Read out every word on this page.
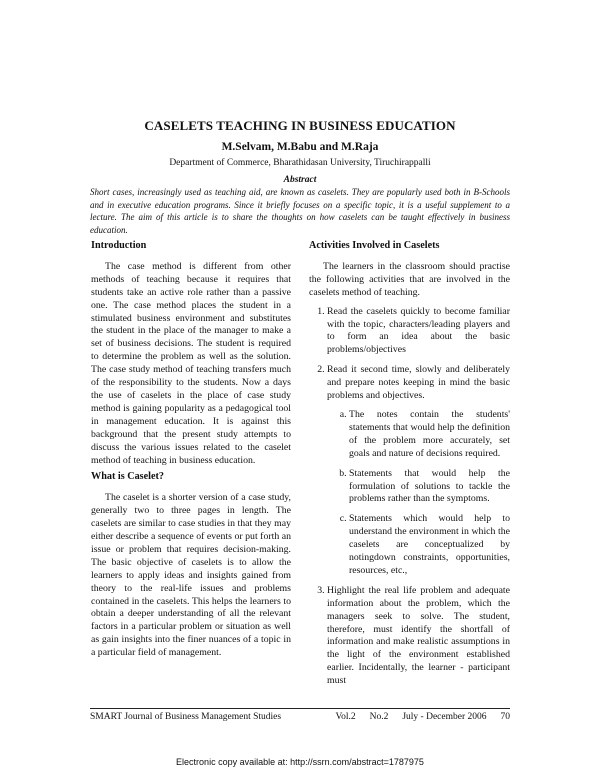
CASELETS TEACHING IN BUSINESS EDUCATION
M.Selvam, M.Babu and M.Raja
Department of Commerce, Bharathidasan University, Tiruchirappalli
Abstract
Short cases, increasingly used as teaching aid, are known as caselets. They are popularly used both in B-Schools and in executive education programs. Since it briefly focuses on a specific topic, it is a useful supplement to a lecture. The aim of this article is to share the thoughts on how caselets can be taught effectively in business education.
Introduction

The case method is different from other methods of teaching because it requires that students take an active role rather than a passive one. The case method places the student in a stimulated business environment and substitutes the student in the place of the manager to make a set of business decisions. The student is required to determine the problem as well as the solution. The case study method of teaching transfers much of the responsibility to the students. Now a days the use of caselets in the place of case study method is gaining popularity as a pedagogical tool in management education. It is against this background that the present study attempts to discuss the various issues related to the caselet method of teaching in business education.

What is Caselet?

The caselet is a shorter version of a case study, generally two to three pages in length. The caselets are similar to case studies in that they may either describe a sequence of events or put forth an issue or problem that requires decision-making. The basic objective of caselets is to allow the learners to apply ideas and insights gained from theory to the real-life issues and problems contained in the caselets. This helps the learners to obtain a deeper understanding of all the relevant factors in a particular problem or situation as well as gain insights into the finer nuances of a topic in a particular field of management.

Activities Involved in Caselets

The learners in the classroom should practise the following activities that are involved in the caselets method of teaching.

1. Read the caselets quickly to become familiar with the topic, characters/leading players and to form an idea about the basic problems/objectives
2. Read it second time, slowly and deliberately and prepare notes keeping in mind the basic problems and objectives.
a. The notes contain the students' statements that would help the definition of the problem more accurately, set goals and nature of decisions required.
b. Statements that would help the formulation of solutions to tackle the problems rather than the symptoms.
c. Statements which would help to understand the environment in which the caselets are conceptualized by notingdown constraints, opportunities, resources, etc.,
3. Highlight the real life problem and adequate information about the problem, which the managers seek to solve. The student, therefore, must identify the shortfall of information and make realistic assumptions in the light of the environment established earlier. Incidentally, the learner - participant must
SMART Journal of Business Management Studies	Vol.2 No.2 July - December 2006 70
Electronic copy available at: http://ssrn.com/abstract=1787975
